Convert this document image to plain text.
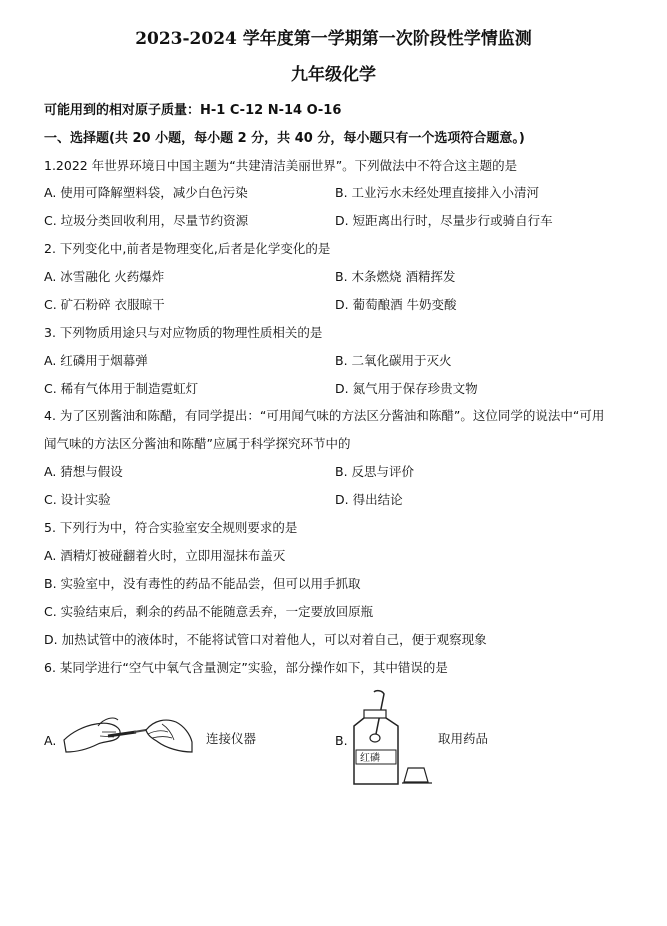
2023-2024 学年度第一学期第一次阶段性学情监测
九年级化学
可能用到的相对原子质量：H-1 C-12 N-14 O-16
一、选择题(共 20 小题，每小题 2 分，共 40 分，每小题只有一个选项符合题意。)
1.2022 年世界环境日中国主题为“共建清洁美丽世界”。下列做法中不符合这主题的是
A. 使用可降解塑料袋，减少白色污染	B. 工业污水未经处理直接排入小清河
C. 垃圾分类回收利用，尽量节约资源	D. 短距离出行时，尽量步行或骑自行车
2. 下列变化中,前者是物理变化,后者是化学变化的是
A. 冰雪融化 火药爆炸	B. 木条燃烧 酒精挥发
C. 矿石粉碎 衣服晾干	D. 葡萄酿酒 牛奶变酸
3. 下列物质用途只与对应物质的物理性质相关的是
A. 红磷用于烟幕弹	B. 二氧化碳用于灭火
C. 稀有气体用于制造霓虹灯	D. 氮气用于保存珍贵文物
4. 为了区别酱油和陈醋，有同学提出：“可用闻气味的方法区分酱油和陈醋”。这位同学的说法中“可用
闻气味的方法区分酱油和陈醋”应属于科学探究环节中的
A. 猜想与假设	B. 反思与评价
C. 设计实验	D. 得出结论
5. 下列行为中，符合实验室安全规则要求的是
A. 酒精灯被碰翻着火时，立即用湿抹布盖灭
B. 实验室中，没有毒性的药品不能品尝，但可以用手抓取
C. 实验结束后，剩余的药品不能随意丢弃，一定要放回原瓶
D. 加热试管中的液体时，不能将试管口对着他人，可以对着自己，便于观察现象
6. 某同学进行“空气中氧气含量测定”实验，部分操作如下，其中错误的是
A.	连接仪器	B.	取用药品
红磷
